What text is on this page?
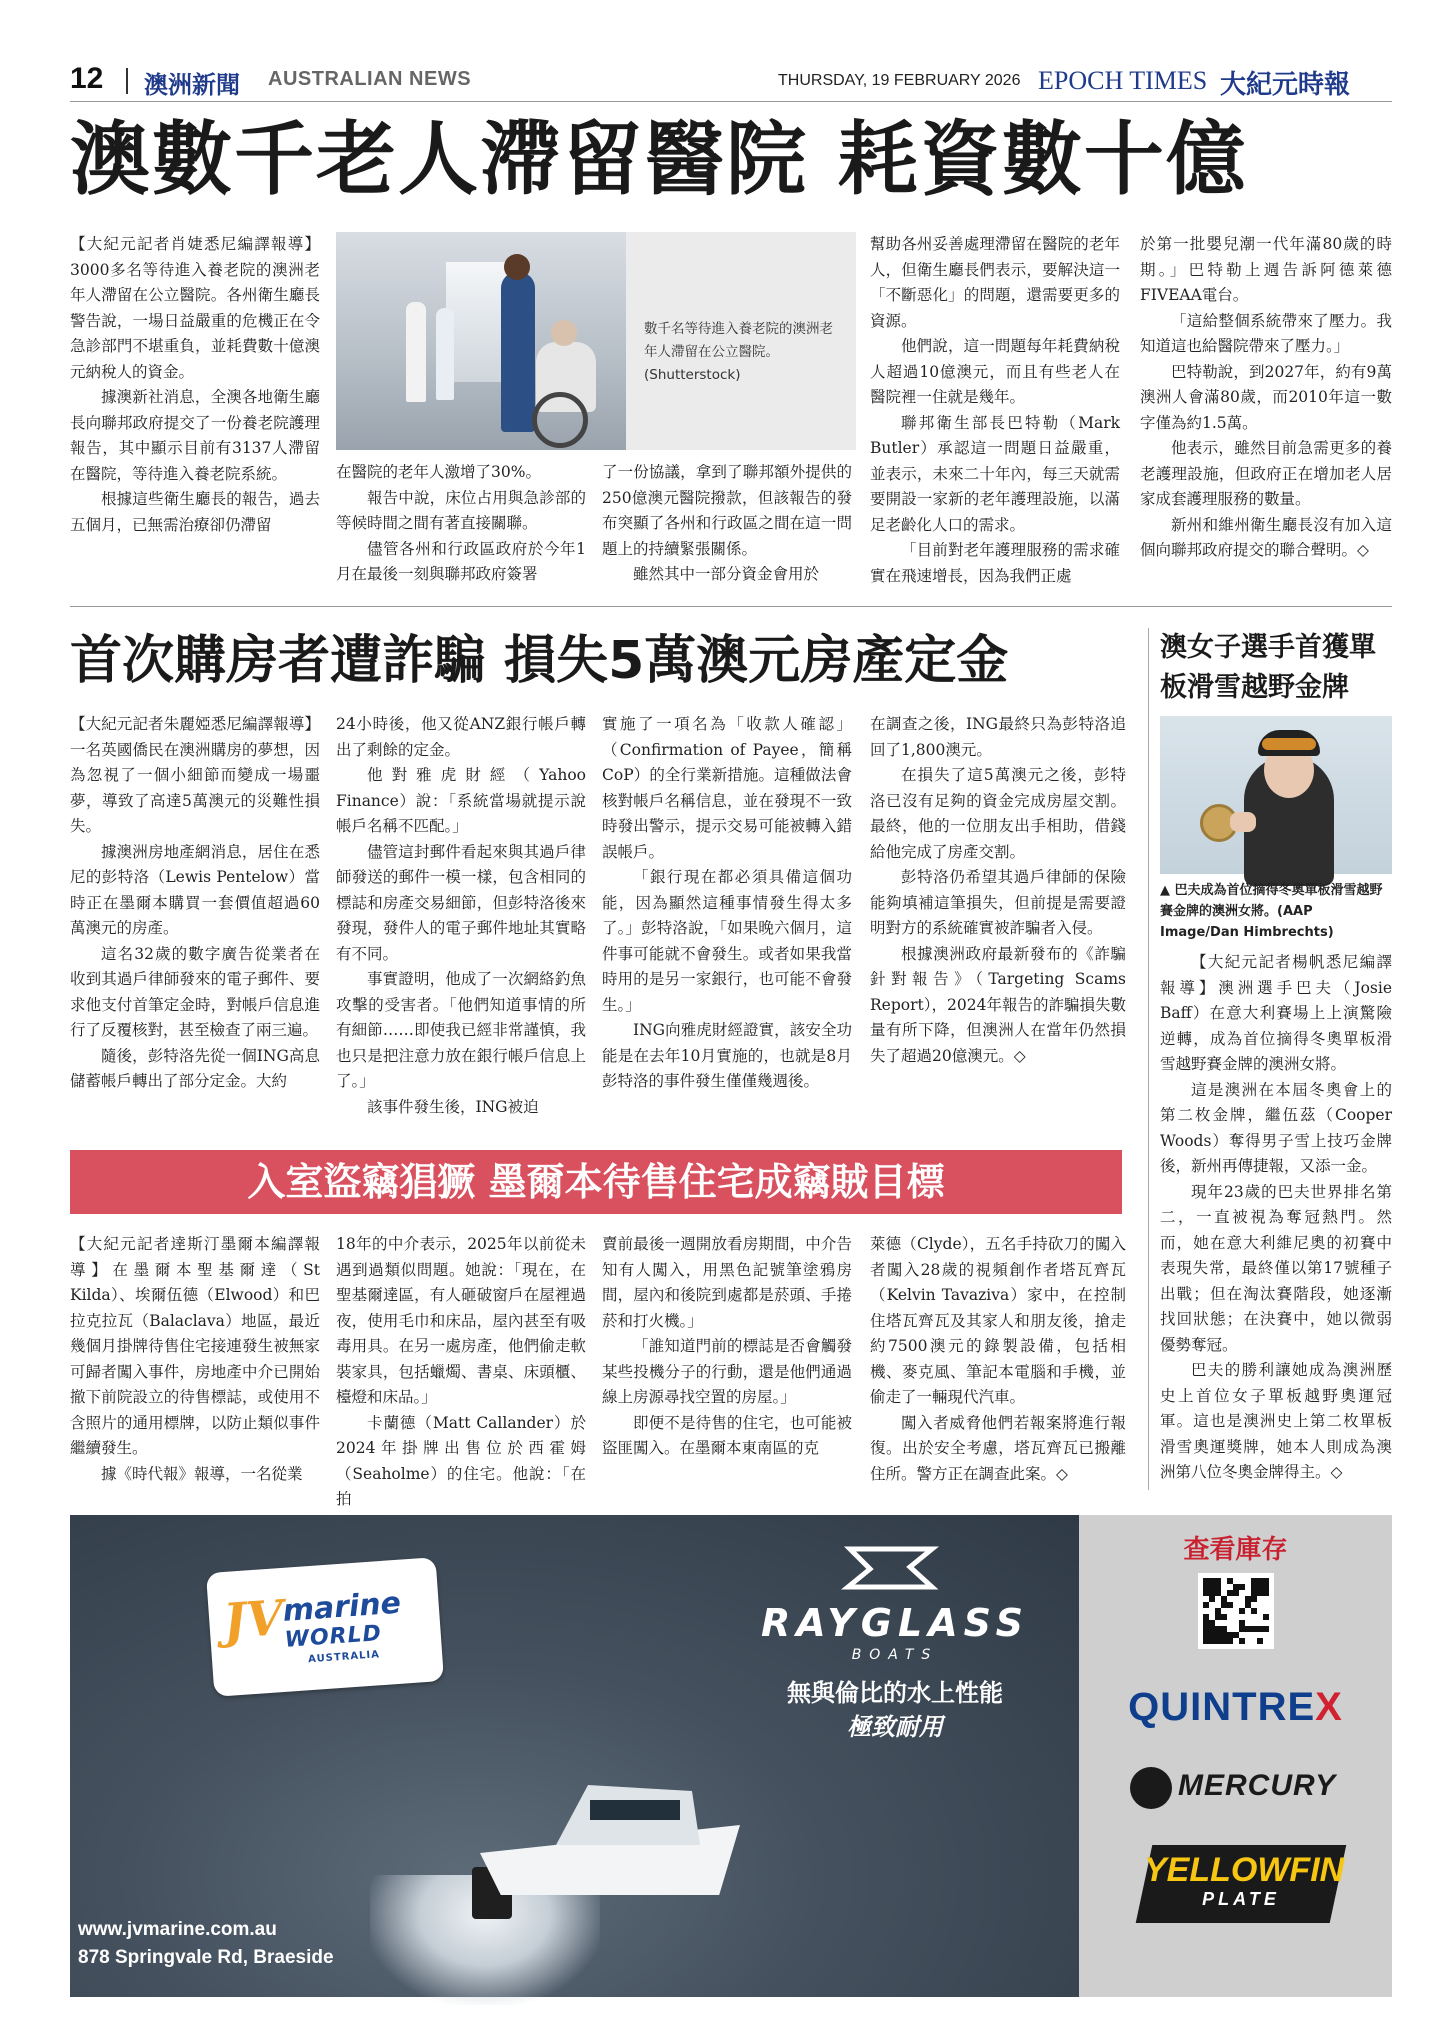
12 澳洲新聞 AUSTRALIAN NEWS	THURSDAY, 19 FEBRUARY 2026 EPOCH TIMES 大紀元時報
澳數千老人滯留醫院 耗資數十億

【大紀元記者肖婕悉尼編譯報導】3000多名等待進入養老院的澳洲老年人滯留在公立醫院。各州衛生廳長警告說，一場日益嚴重的危機正在令急診部門不堪重負，並耗費數十億澳元納稅人的資金。

據澳新社消息，全澳各地衛生廳長向聯邦政府提交了一份養老院護理報告，其中顯示目前有3137人滯留在醫院，等待進入養老院系統。

根據這些衛生廳長的報告，過去五個月，已無需治療卻仍滯留

數千名等待進入養老院的澳洲老年人滯留在公立醫院。(Shutterstock)

在醫院的老年人激增了30%。

報告中說，床位占用與急診部的等候時間之間有著直接關聯。

儘管各州和行政區政府於今年1月在最後一刻與聯邦政府簽署

了一份協議，拿到了聯邦額外提供的250億澳元醫院撥款，但該報告的發布突顯了各州和行政區之間在這一問題上的持續緊張關係。

雖然其中一部分資金會用於

幫助各州妥善處理滯留在醫院的老年人，但衛生廳長們表示，要解決這一「不斷惡化」的問題，還需要更多的資源。

他們說，這一問題每年耗費納稅人超過10億澳元，而且有些老人在醫院裡一住就是幾年。

聯邦衛生部長巴特勒（Mark Butler）承認這一問題日益嚴重，並表示，未來二十年內，每三天就需要開設一家新的老年護理設施，以滿足老齡化人口的需求。

「目前對老年護理服務的需求確實在飛速增長，因為我們正處

於第一批嬰兒潮一代年滿80歲的時期。」巴特勒上週告訴阿德萊德FIVEAA電台。

「這給整個系統帶來了壓力。我知道這也給醫院帶來了壓力。」

巴特勒說，到2027年，約有9萬澳洲人會滿80歲，而2010年這一數字僅為約1.5萬。

他表示，雖然目前急需更多的養老護理設施，但政府正在增加老人居家成套護理服務的數量。

新州和維州衛生廳長沒有加入這個向聯邦政府提交的聯合聲明。◇

首次購房者遭詐騙 損失5萬澳元房產定金

【大紀元記者朱麗婭悉尼編譯報導】一名英國僑民在澳洲購房的夢想，因為忽視了一個小細節而變成一場噩夢，導致了高達5萬澳元的災難性損失。

據澳洲房地產網消息，居住在悉尼的彭特洛（Lewis Pentelow）當時正在墨爾本購買一套價值超過60萬澳元的房產。

這名32歲的數字廣告從業者在收到其過戶律師發來的電子郵件、要求他支付首筆定金時，對帳戶信息進行了反覆核對，甚至檢查了兩三遍。

隨後，彭特洛先從一個ING高息儲蓄帳戶轉出了部分定金。大約

24小時後，他又從ANZ銀行帳戶轉出了剩餘的定金。

他對雅虎財經（Yahoo Finance）說：「系統當場就提示說帳戶名稱不匹配。」

儘管這封郵件看起來與其過戶律師發送的郵件一模一樣，包含相同的標誌和房產交易細節，但彭特洛後來發現，發件人的電子郵件地址其實略有不同。

事實證明，他成了一次網絡釣魚攻擊的受害者。「他們知道事情的所有細節……即使我已經非常謹慎，我也只是把注意力放在銀行帳戶信息上了。」

該事件發生後，ING被迫

實施了一項名為「收款人確認」（Confirmation of Payee，簡稱CoP）的全行業新措施。這種做法會核對帳戶名稱信息，並在發現不一致時發出警示，提示交易可能被轉入錯誤帳戶。

「銀行現在都必須具備這個功能，因為顯然這種事情發生得太多了。」彭特洛說，「如果晚六個月，這件事可能就不會發生。或者如果我當時用的是另一家銀行，也可能不會發生。」

ING向雅虎財經證實，該安全功能是在去年10月實施的，也就是8月彭特洛的事件發生僅僅幾週後。

在調查之後，ING最終只為彭特洛追回了1,800澳元。

在損失了這5萬澳元之後，彭特洛已沒有足夠的資金完成房屋交割。最終，他的一位朋友出手相助，借錢給他完成了房產交割。

彭特洛仍希望其過戶律師的保險能夠填補這筆損失，但前提是需要證明對方的系統確實被詐騙者入侵。

根據澳洲政府最新發布的《詐騙針對報告》（Targeting Scams Report），2024年報告的詐騙損失數量有所下降，但澳洲人在當年仍然損失了超過20億澳元。◇

澳女子選手首獲單板滑雪越野金牌
▲ 巴夫成為首位摘得冬奧單板滑雪越野賽金牌的澳洲女將。(AAP Image/Dan Himbrechts)

【大紀元記者楊帆悉尼編譯報導】澳洲選手巴夫（Josie Baff）在意大利賽場上上演驚險逆轉，成為首位摘得冬奧單板滑雪越野賽金牌的澳洲女將。

這是澳洲在本屆冬奧會上的第二枚金牌，繼伍茲（Cooper Woods）奪得男子雪上技巧金牌後，新州再傳捷報，又添一金。

現年23歲的巴夫世界排名第二，一直被視為奪冠熱門。然而，她在意大利維尼奧的初賽中表現失常，最終僅以第17號種子出戰；但在淘汰賽階段，她逐漸找回狀態；在決賽中，她以微弱優勢奪冠。

巴夫的勝利讓她成為澳洲歷史上首位女子單板越野奧運冠軍。這也是澳洲史上第二枚單板滑雪奧運獎牌，她本人則成為澳洲第八位冬奧金牌得主。◇

入室盜竊猖獗 墨爾本待售住宅成竊賊目標

【大紀元記者達斯汀墨爾本編譯報導】在墨爾本聖基爾達（St Kilda）、埃爾伍德（Elwood）和巴拉克拉瓦（Balaclava）地區，最近幾個月掛牌待售住宅接連發生被無家可歸者闖入事件，房地產中介已開始撤下前院設立的待售標誌，或使用不含照片的通用標牌，以防止類似事件繼續發生。

據《時代報》報導，一名從業

18年的中介表示，2025年以前從未遇到過類似問題。她說：「現在，在聖基爾達區，有人砸破窗戶在屋裡過夜，使用毛巾和床品，屋內甚至有吸毒用具。在另一處房產，他們偷走軟裝家具，包括蠟燭、書桌、床頭櫃、檯燈和床品。」

卡蘭德（Matt Callander）於2024年掛牌出售位於西霍姆（Seaholme）的住宅。他說：「在拍

賣前最後一週開放看房期間，中介告知有人闖入，用黑色記號筆塗鴉房間，屋內和後院到處都是菸頭、手捲菸和打火機。」

「誰知道門前的標誌是否會觸發某些投機分子的行動，還是他們通過線上房源尋找空置的房屋。」

即便不是待售的住宅，也可能被盜匪闖入。在墨爾本東南區的克

萊德（Clyde），五名手持砍刀的闖入者闖入28歲的視頻創作者塔瓦齊瓦（Kelvin Tavaziva）家中，在控制住塔瓦齊瓦及其家人和朋友後，搶走約7500澳元的錄製設備，包括相機、麥克風、筆記本電腦和手機，並偷走了一輛現代汽車。

闖入者威脅他們若報案將進行報復。出於安全考慮，塔瓦齊瓦已搬離住所。警方正在調查此案。◇

JV
marine
WORLD
AUSTRALIA
RAYGLASS
BOATS
無與倫比的水上性能
極致耐用
www.jvmarine.com.au
878 Springvale Rd, Braeside
查看庫存
QUINTREX
MERCURY
YELLOWFIN
PLATE
